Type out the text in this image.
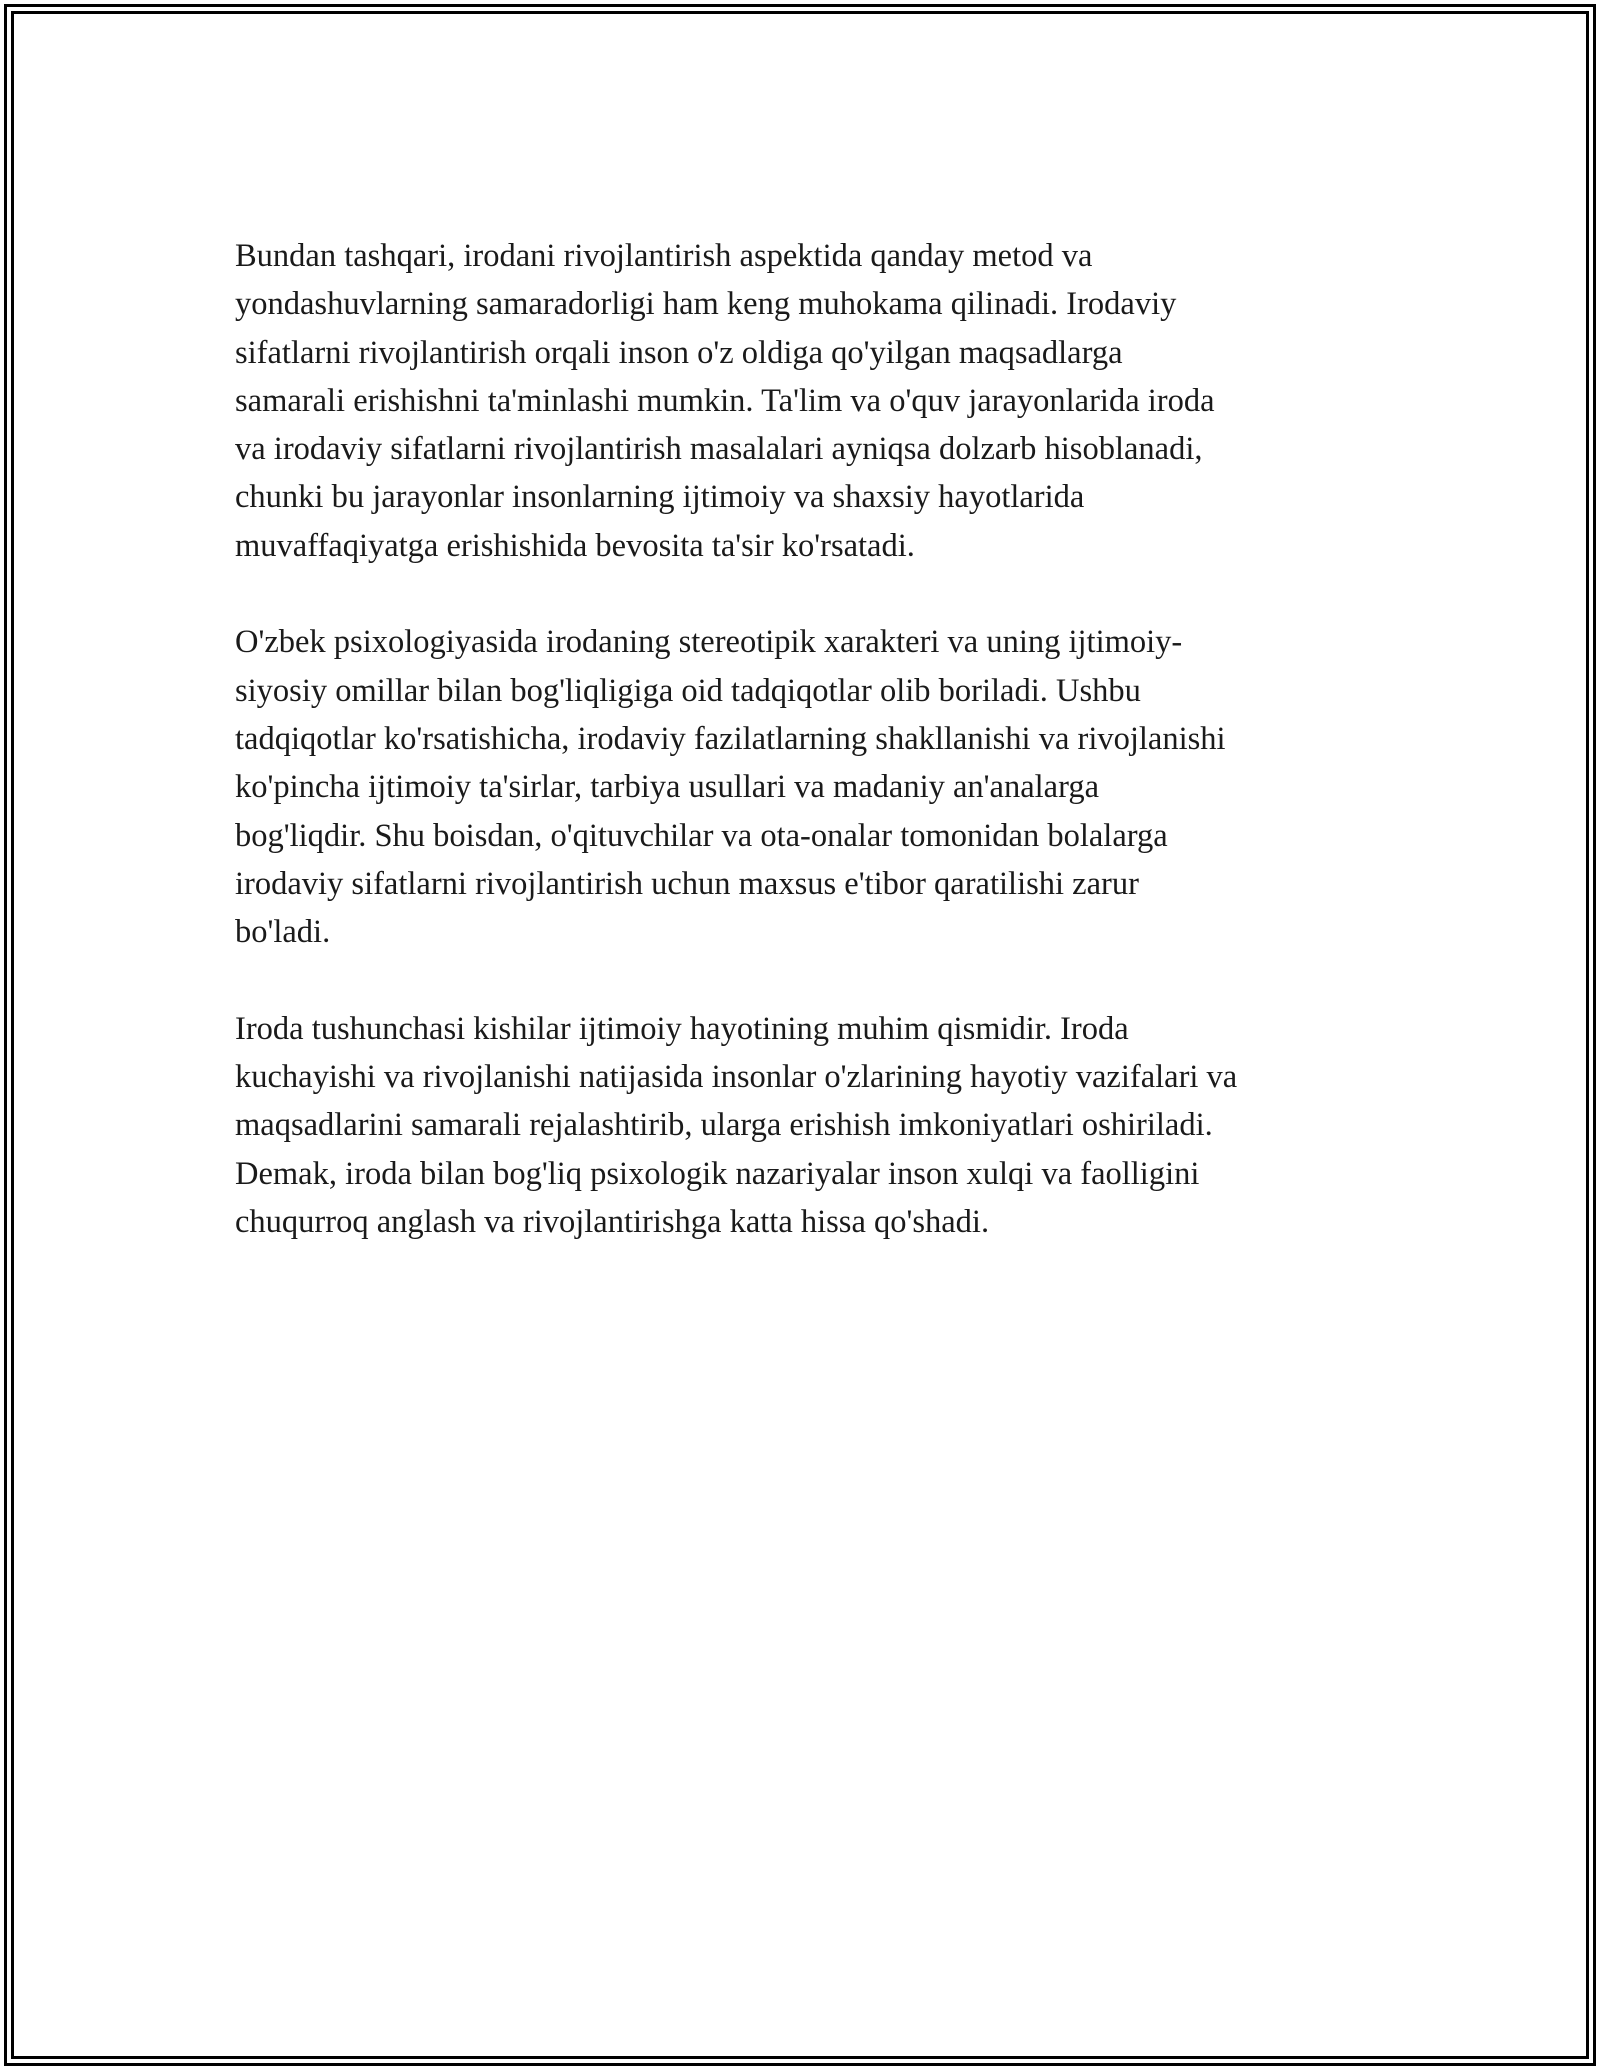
Bundan tashqari, irodani rivojlantirish aspektida qanday metod va
yondashuvlarning samaradorligi ham keng muhokama qilinadi. Irodaviy
sifatlarni rivojlantirish orqali inson o'z oldiga qo'yilgan maqsadlarga
samarali erishishni ta'minlashi mumkin. Ta'lim va o'quv jarayonlarida iroda
va irodaviy sifatlarni rivojlantirish masalalari ayniqsa dolzarb hisoblanadi,
chunki bu jarayonlar insonlarning ijtimoiy va shaxsiy hayotlarida
muvaffaqiyatga erishishida bevosita ta'sir ko'rsatadi.

O'zbek psixologiyasida irodaning stereotipik xarakteri va uning ijtimoiy-
siyosiy omillar bilan bog'liqligiga oid tadqiqotlar olib boriladi. Ushbu
tadqiqotlar ko'rsatishicha, irodaviy fazilatlarning shakllanishi va rivojlanishi
ko'pincha ijtimoiy ta'sirlar, tarbiya usullari va madaniy an'analarga
bog'liqdir. Shu boisdan, o'qituvchilar va ota-onalar tomonidan bolalarga
irodaviy sifatlarni rivojlantirish uchun maxsus e'tibor qaratilishi zarur
bo'ladi.

Iroda tushunchasi kishilar ijtimoiy hayotining muhim qismidir. Iroda
kuchayishi va rivojlanishi natijasida insonlar o'zlarining hayotiy vazifalari va
maqsadlarini samarali rejalashtirib, ularga erishish imkoniyatlari oshiriladi.
Demak, iroda bilan bog'liq psixologik nazariyalar inson xulqi va faolligini
chuqurroq anglash va rivojlantirishga katta hissa qo'shadi.
